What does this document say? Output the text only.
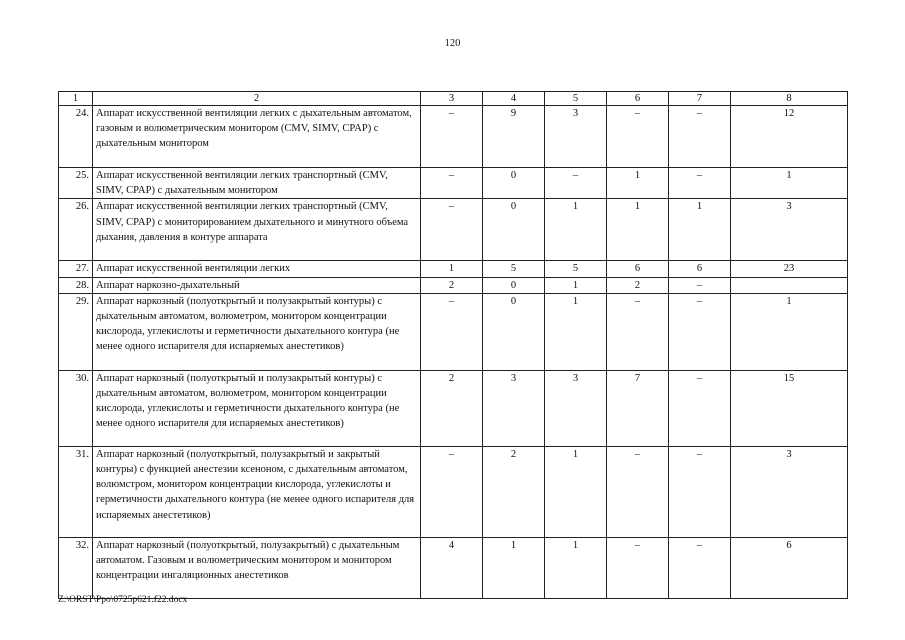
120
1	2	3	4	5	6	7	8
24.	Аппарат искусственной вентиляции легких с дыхательным автоматом, газовым и волюметрическим монитором (CMV, SIMV, CPAP) с дыхательным монитором	–	9	3	–	–	12
25.	Аппарат искусственной вентиляции легких транспортный (CMV, SIMV, CPAP) с дыхательным монитором	–	0	–	1	–	1
26.	Аппарат искусственной вентиляции легких транспортный (CMV, SIMV, CPAP) с мониторированием дыхательного и минутного объема дыхания, давления в контуре аппарата	–	0	1	1	1	3
27.	Аппарат искусственной вентиляции легких	1	5	5	6	6	23
28.	Аппарат наркозно-дыхательный	2	0	1	2	–	
29.	Аппарат наркозный (полуоткрытый и полузакрытый контуры) с дыхательным автоматом, волюметром, монитором концентрации кислорода, углекислоты и герметичности дыхательного контура (не менее одного испарителя для испаряемых анестетиков)	–	0	1	–	–	1
30.	Аппарат наркозный (полуоткрытый и полузакрытый контуры) с дыхательным автоматом, волюметром, монитором концентрации кислорода, углекислоты и герметичности дыхательного контура (не менее одного испарителя для испаряемых анестетиков)	2	3	3	7	–	15
31.	Аппарат наркозный (полуоткрытый, полузакрытый и закрытый контуры) с функцией анестезии ксеноном, с дыхательным автоматом, волюмстром, монитором концентрации кислорода, углекислоты и герметичности дыхательного контура (не менее одного испарителя для испаряемых анестетиков)	–	2	1	–	–	3
32.	Аппарат наркозный (полуоткрытый, полузакрытый) с дыхательным автоматом. Газовым и волюметрическим монитором и монитором концентрации ингаляционных анестетиков	4	1	1	–	–	6
Z:\ORST\Ppo\0725p621.f22.docx
